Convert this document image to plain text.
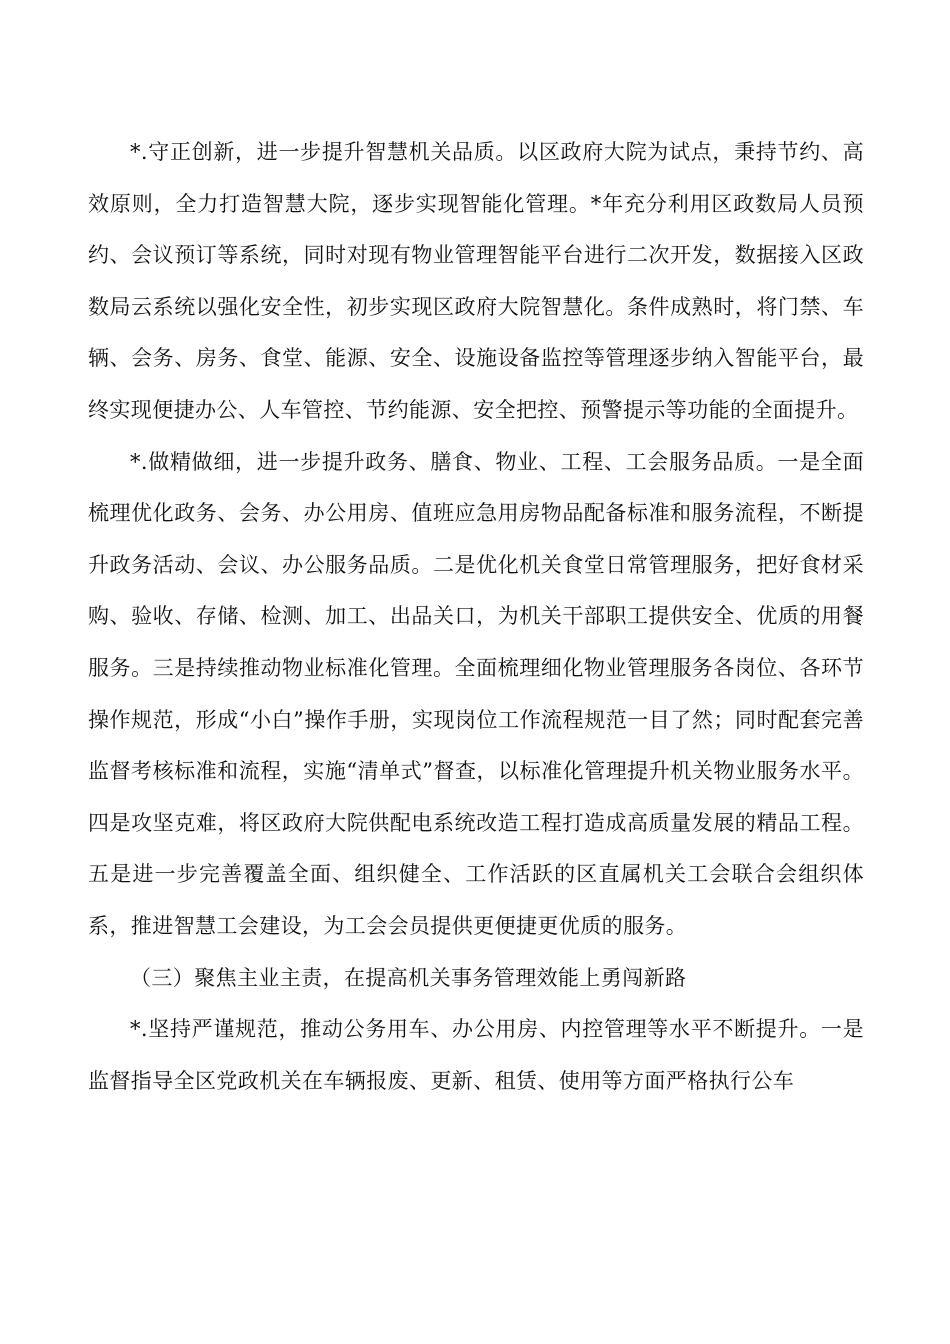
*.守正创新，进一步提升智慧机关品质。以区政府大院为试点，秉持节约、高效原则，全力打造智慧大院，逐步实现智能化管理。*年充分利用区政数局人员预约、会议预订等系统，同时对现有物业管理智能平台进行二次开发，数据接入区政数局云系统以强化安全性，初步实现区政府大院智慧化。条件成熟时，将门禁、车辆、会务、房务、食堂、能源、安全、设施设备监控等管理逐步纳入智能平台，最终实现便捷办公、人车管控、节约能源、安全把控、预警提示等功能的全面提升。

*.做精做细，进一步提升政务、膳食、物业、工程、工会服务品质。一是全面梳理优化政务、会务、办公用房、值班应急用房物品配备标准和服务流程，不断提升政务活动、会议、办公服务品质。二是优化机关食堂日常管理服务，把好食材采购、验收、存储、检测、加工、出品关口，为机关干部职工提供安全、优质的用餐服务。三是持续推动物业标准化管理。全面梳理细化物业管理服务各岗位、各环节操作规范，形成“小白”操作手册，实现岗位工作流程规范一目了然；同时配套完善监督考核标准和流程，实施“清单式”督查，以标准化管理提升机关物业服务水平。四是攻坚克难，将区政府大院供配电系统改造工程打造成高质量发展的精品工程。五是进一步完善覆盖全面、组织健全、工作活跃的区直属机关工会联合会组织体系，推进智慧工会建设，为工会会员提供更便捷更优质的服务。

（三）聚焦主业主责，在提高机关事务管理效能上勇闯新路

*.坚持严谨规范，推动公务用车、办公用房、内控管理等水平不断提升。一是监督指导全区党政机关在车辆报废、更新、租赁、使用等方面严格执行公车
